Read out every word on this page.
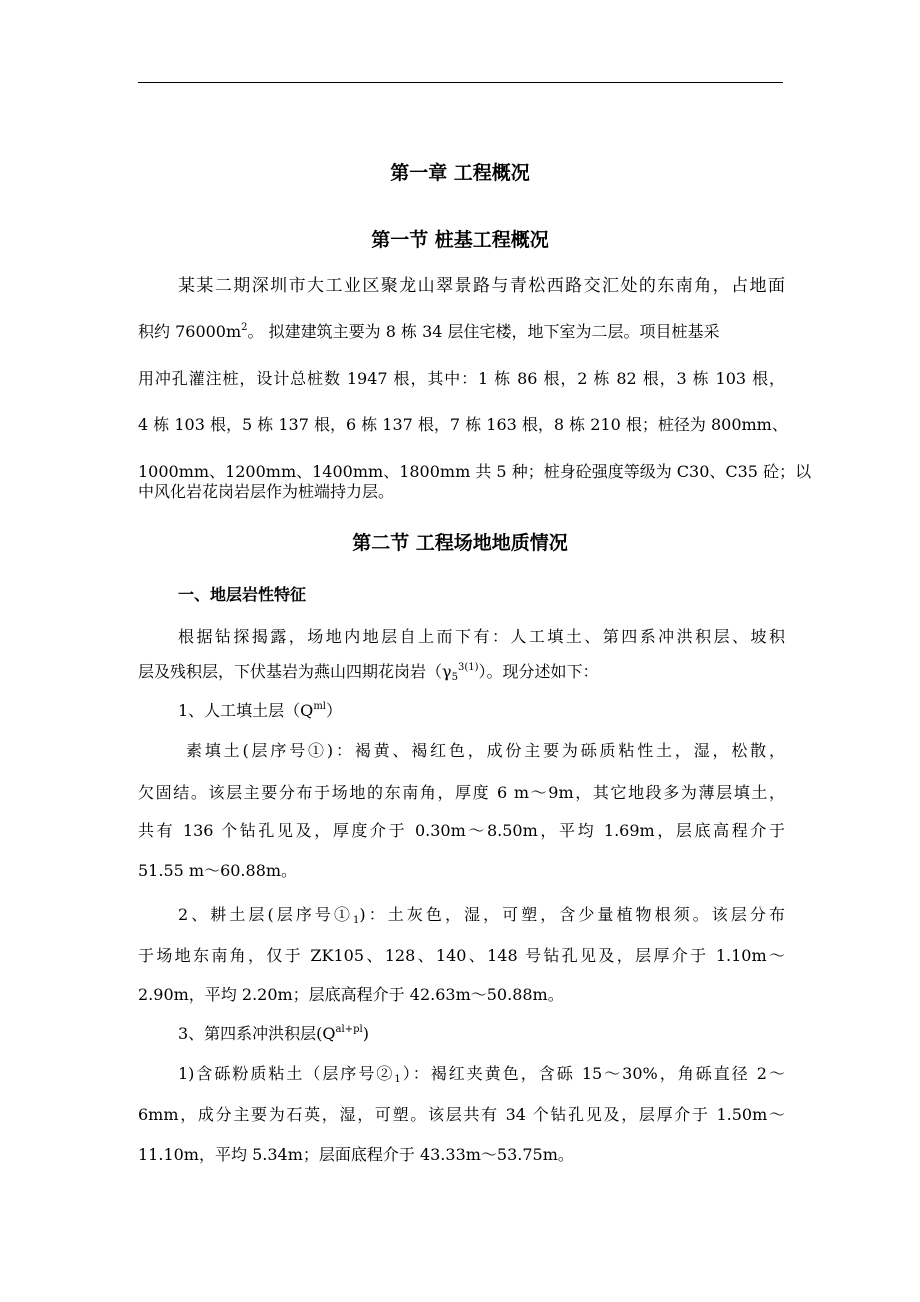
第一章 工程概况
第一节 桩基工程概况
某某二期深圳市大工业区聚龙山翠景路与青松西路交汇处的东南角，占地面
积约 $76000m^2$。 拟建建筑主要为 8 栋 34 层住宅楼，地下室为二层。项目桩基采
用冲孔灌注桩，设计总桩数 1947 根，其中：1 栋 86 根，2 栋 82 根，3 栋 103 根，
4 栋 103 根，5 栋 137 根，6 栋 137 根，7 栋 163 根，8 栋 210 根；桩径为 800mm、
1000mm、1200mm、1400mm、1800mm 共 5 种；桩身砼强度等级为 C30、C35 砼；以
中风化岩花岗岩层作为桩端持力层。
第二节 工程场地地质情况
一、地层岩性特征
根据钻探揭露，场地内地层自上而下有：人工填土、第四系冲洪积层、坡积
层及残积层，下伏基岩为燕山四期花岗岩$(\gamma_5^{3(1)})$。现分述如下：
1、人工填土层$(Q^{ml})$
素填土(层序号①)：褐黄、褐红色，成份主要为砾质粘性土，湿，松散，
欠固结。该层主要分布于场地的东南角，厚度 6 m～9m，其它地段多为薄层填土，
共有 136 个钻孔见及，厚度介于 0.30m～8.50m，平均 1.69m，层底高程介于
51.55 m～60.88m。
2、耕土层(层序号$①_1$)：土灰色，湿，可塑，含少量植物根须。该层分布
于场地东南角，仅于 ZK105、128、140、148 号钻孔见及，层厚介于 1.10m～
2.90m，平均 2.20m；层底高程介于 42.63m～50.88m。
3、第四系冲洪积层$(Q^{al+pl})$
1)含砾粉质粘土（层序号$②_1$）：褐红夹黄色，含砾 15～30%，角砾直径 2～
6mm，成分主要为石英，湿，可塑。该层共有 34 个钻孔见及，层厚介于 1.50m～
11.10m，平均 5.34m；层面底程介于 43.33m～53.75m。
